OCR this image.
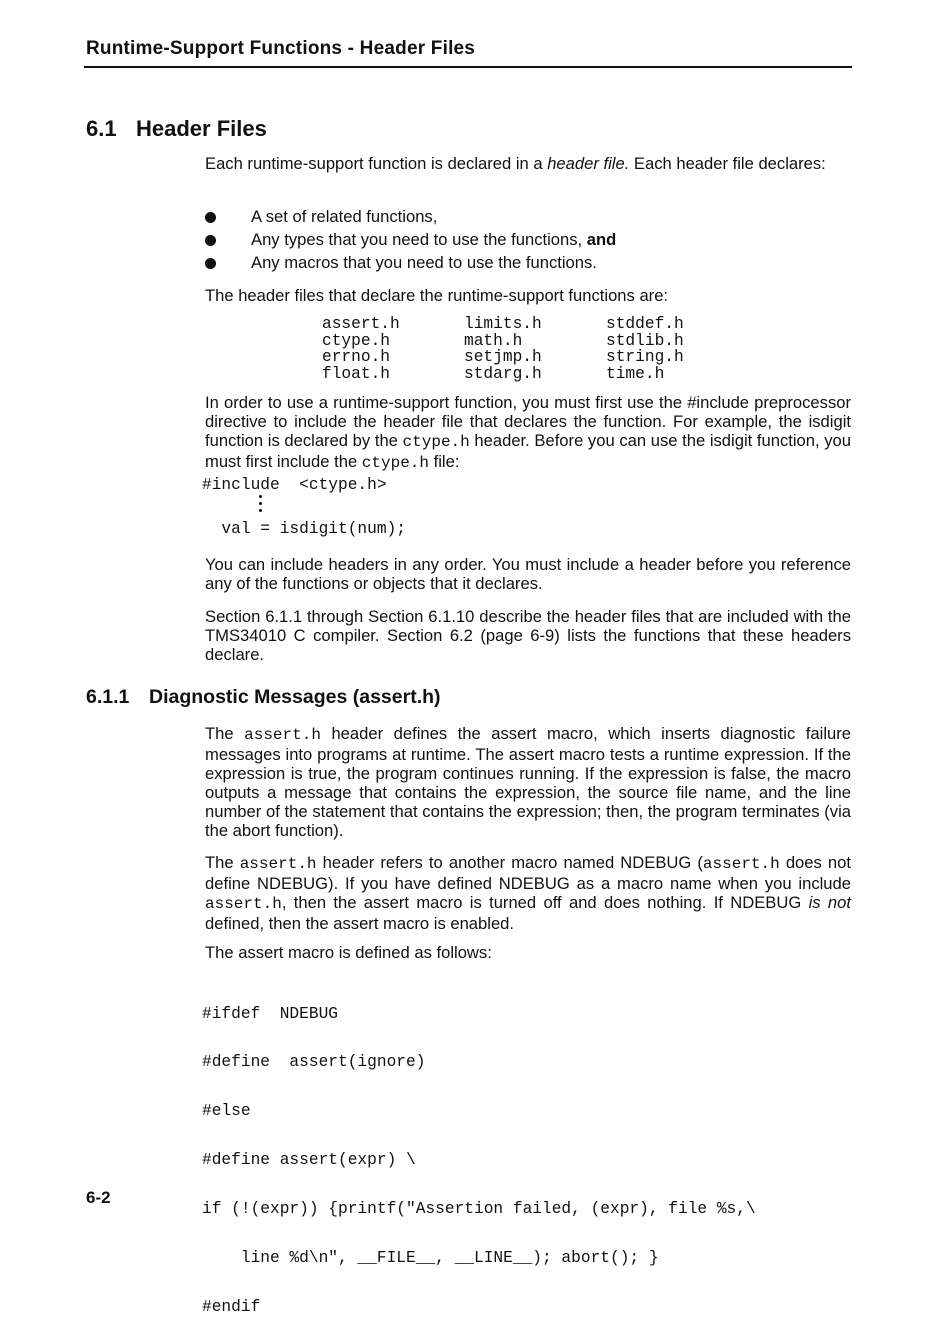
Runtime-Support Functions - Header Files
6.1 Header Files
Each runtime-support function is declared in a header file. Each header file declares:
A set of related functions,
Any types that you need to use the functions, and
Any macros that you need to use the functions.
The header files that declare the runtime-support functions are:
assert.h	limits.h	stddef.h
ctype.h	math.h	stdlib.h
errno.h	setjmp.h	string.h
float.h	stdarg.h	time.h
In order to use a runtime-support function, you must first use the #include preprocessor directive to include the header file that declares the function. For example, the isdigit function is declared by the ctype.h header. Before you can use the isdigit function, you must first include the ctype.h file:
#include  <ctype.h>
val = isdigit(num);
You can include headers in any order. You must include a header before you reference any of the functions or objects that it declares.
Section 6.1.1 through Section 6.1.10 describe the header files that are included with the TMS34010 C compiler. Section 6.2 (page 6-9) lists the functions that these headers declare.
6.1.1 Diagnostic Messages (assert.h)
The assert.h header defines the assert macro, which inserts diagnostic failure messages into programs at runtime. The assert macro tests a runtime expression. If the expression is true, the program continues running. If the expression is false, the macro outputs a message that contains the expression, the source file name, and the line number of the statement that contains the expression; then, the program terminates (via the abort function).
The assert.h header refers to another macro named NDEBUG (assert.h does not define NDEBUG). If you have defined NDEBUG as a macro name when you include assert.h, then the assert macro is turned off and does nothing. If NDEBUG is not defined, then the assert macro is enabled.
The assert macro is defined as follows:

#ifdef  NDEBUG

#define  assert(ignore)

#else

#define assert(expr) \

if (!(expr)) {printf("Assertion failed, (expr), file %s,\

line %d\n", __FILE__, __LINE__); abort(); }

#endif

6-2
